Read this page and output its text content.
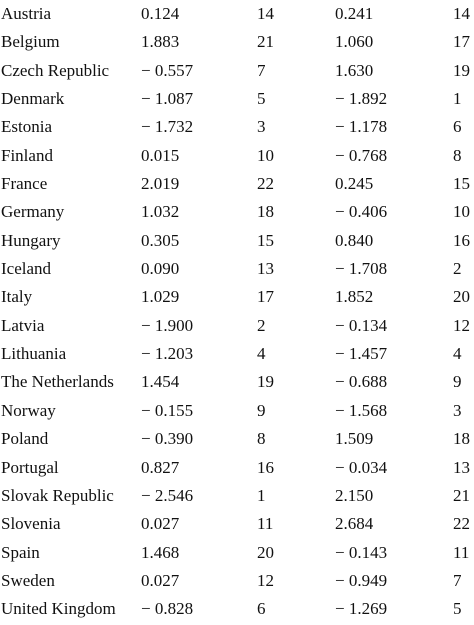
Austria	0.124	14	0.241	14
Belgium	1.883	21	1.060	17
Czech Republic − 0.557	7	1.630	19
Denmark	− 1.087	5	− 1.892	1
Estonia	− 1.732	3	− 1.178	6
Finland	0.015	10	− 0.768	8
France	2.019	22	0.245	15
Germany	1.032	18	− 0.406	10
Hungary	0.305	15	0.840	16
Iceland	0.090	13	− 1.708	2
Italy	1.029	17	1.852	20
Latvia	− 1.900	2	− 0.134	12
Lithuania	− 1.203	4	− 1.457	4
The Netherlands 1.454	19	− 0.688	9
Norway	− 0.155	9	− 1.568	3
Poland	− 0.390	8	1.509	18
Portugal	0.827	16	− 0.034	13
Slovak Republic − 2.546	1	2.150	21
Slovenia	0.027	11	2.684	22
Spain	1.468	20	− 0.143	11
Sweden	0.027	12	− 0.949	7
United Kingdom − 0.828	6	− 1.269	5
